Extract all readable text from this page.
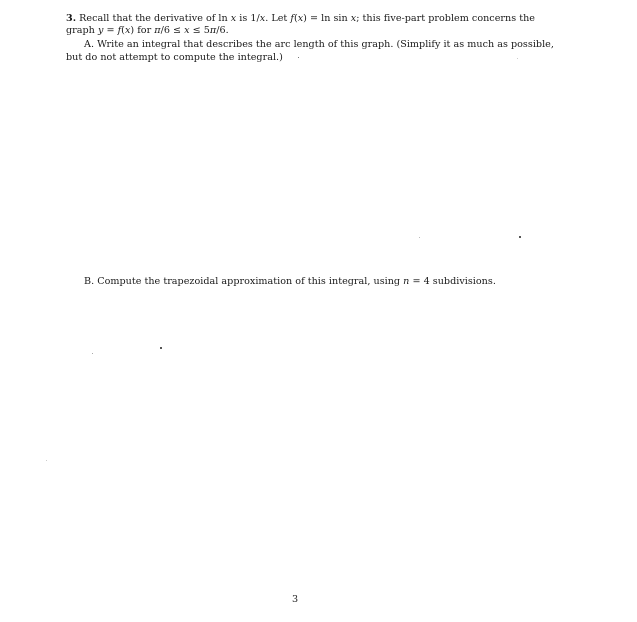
3. Recall that the derivative of ln x is 1/x. Let f(x) = ln sin x; this five-part problem concerns the
graph y = f(x) for π/6 ≤ x ≤ 5π/6.
A. Write an integral that describes the arc length of this graph. (Simplify it as much as possible,
but do not attempt to compute the integral.)
B. Compute the trapezoidal approximation of this integral, using n = 4 subdivisions.
3
